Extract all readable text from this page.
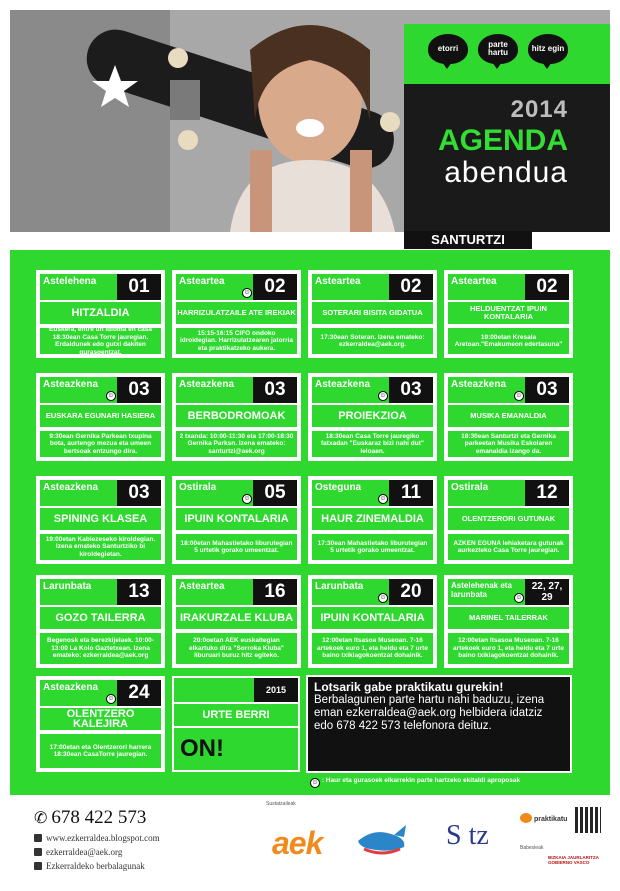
etorri	parte hartu	hitz egin
2014
AGENDA
abendua
SANTURTZI
Astelehena	01
HITZALDIA
"Euskera, entre un idioma en casa" 18:30ean Casa Torre jauregian. Erdaldunek edo gutxi dakiten gurasoentzat.
Asteartea
☺ 02
HARRIZULATZAILE ATE IREKIAK
15:15-16:15 CIFO ondoko idroidegian. Harrizulatzearen jatorria eta praktikatzeko aukera.
Asteartea	02
SOTERARI BISITA GIDATUA
17:30ean Soteran. Izena emateko: ezkerraldea@aek.org.
Asteartea	02
HELDUENTZAT IPUIN KONTALARIA
19:00etan Kresala Aretoan."Emakumeon edertasuna"
Asteazkena
☺ 03
EUSKARA EGUNARI HASIERA
9:30ean Gernika Parkean txupina bota, aurtengo mezua eta umeen bertsoak entzungo dira.
Asteazkena	03
BERBODROMOAK
2 txanda: 10:00-11:30 eta 17:00-18:30 Gernika Parksn. Izena emateko: santurtzi@aek.org
Asteazkena
☺ 03
PROIEKZIOA
18:30ean Casa Torre jauregiko fatxadan "Euskaraz bizi nahi dut" leloaen.
Asteazkena
☺ 03
MUSIKA EMANALDIA
18:30ean Santurtzi eta Gernika parkeetan Musika Eskolaren emanaldia izango da.
Asteazkena	03
SPINING KLASEA
19:00etan Kabiezeseko kiroldegian. Izena emateko Santurtziko bi kiroldegietan.
Ostirala
☺ 05
IPUIN KONTALARIA
18:00etan Mahastietako liburutegian 5 urtetik gorako umeentzat.
Osteguna
☺ 11
HAUR ZINEMALDIA
17:30ean Mahastietako liburutegian 5 urtetik gorako umeentzat.
Ostirala	12
OLENTZERORI GUTUNAK
AZKEN EGUNA lehiaketara gutunak aurkezteko Casa Torre jauregian.
Larunbata	13
GOZO TAILERRA
Begenosk eta berezkijelaek. 10:00-13:00 La Kolo Gaztetxean. Izena emateko: ezkerraldea@aek.org
Asteartea	16
IRAKURZALE KLUBA
20:0oetan AEK euskaltegian elkartuko dira "Sorroka Kluba" liburuari buruz hitz egiteko.
Larunbata
☺ 20
IPUIN KONTALARIA
12:00etan Itsasoa Museoan. 7-16 artekoek euro 1, eta heldu eta 7 urte baino txikiagokoentzat dohainik.
Astelehenak eta larunbata	☺
22, 27, 29
MARINEL TAILERRAK
12:00etan Itsasoa Museoan. 7-16 artekoek euro 1, eta heldu eta 7 urte baino txikiagokoentzat dohainik.
Asteazkena
☺ 24
OLENTZERO KALEJIRA
17:00etan eta Olentzerori harrera 18:30ean CasaTorre jauregian.
2015
URTE BERRI
ON!
Lotsarik gabe praktikatu gurekin!
Berbalagunen parte hartu nahi baduzu, izena eman ezkerraldea@aek.org helbidera idatziz edo 678 422 573 telefonora deituz.
☺ : Haur eta gurasoek elkarrekin parte hartzeko ekitaldi aproposak
✆ 678 422 573
www.ezkerraldea.blogspot.com
ezkerraldea@aek.org
Ezkerraldeko berbalagunak
Sustatzaileak
aek	S tz
praktikatu
Babesleak
BIZKAIA JAURLARITZA GOBIERNO VASCO
